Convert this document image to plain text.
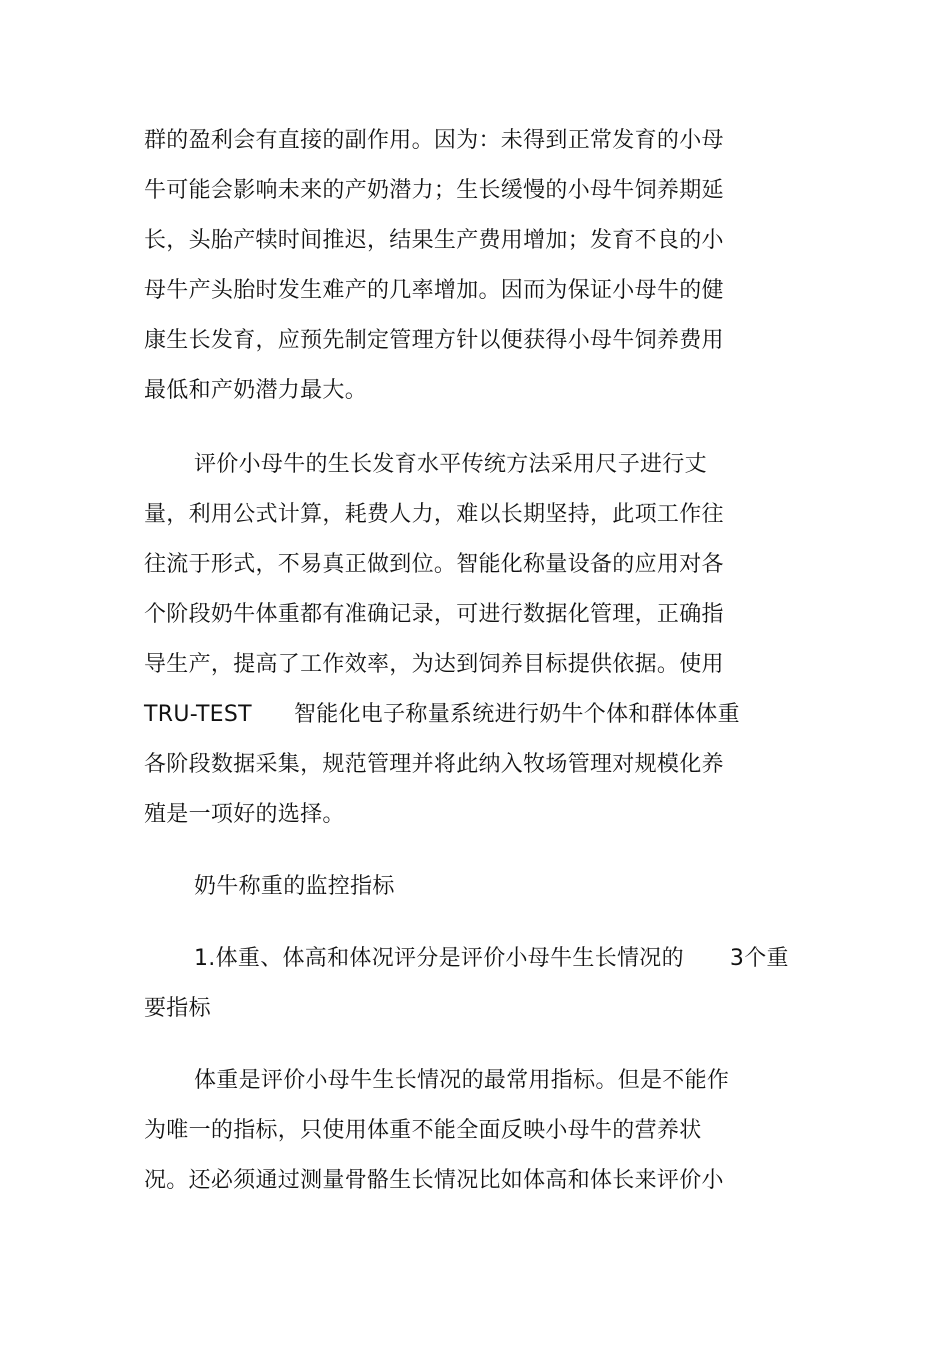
群的盈利会有直接的副作用。因为：未得到正常发育的小母
牛可能会影响未来的产奶潜力；生长缓慢的小母牛饲养期延
长，头胎产犊时间推迟，结果生产费用增加；发育不良的小
母牛产头胎时发生难产的几率增加。因而为保证小母牛的健
康生长发育，应预先制定管理方针以便获得小母牛饲养费用
最低和产奶潜力最大。
评价小母牛的生长发育水平传统方法采用尺子进行丈
量，利用公式计算，耗费人力，难以长期坚持，此项工作往
往流于形式，不易真正做到位。智能化称量设备的应用对各
个阶段奶牛体重都有准确记录，可进行数据化管理，正确指
导生产，提高了工作效率，为达到饲养目标提供依据。使用
TRU-TEST 智能化电子称量系统进行奶牛个体和群体体重
各阶段数据采集，规范管理并将此纳入牧场管理对规模化养
殖是一项好的选择。
奶牛称重的监控指标
1.体重、体高和体况评分是评价小母牛生长情况的 3个重
要指标
体重是评价小母牛生长情况的最常用指标。但是不能作
为唯一的指标，只使用体重不能全面反映小母牛的营养状
况。还必须通过测量骨骼生长情况比如体高和体长来评价小
